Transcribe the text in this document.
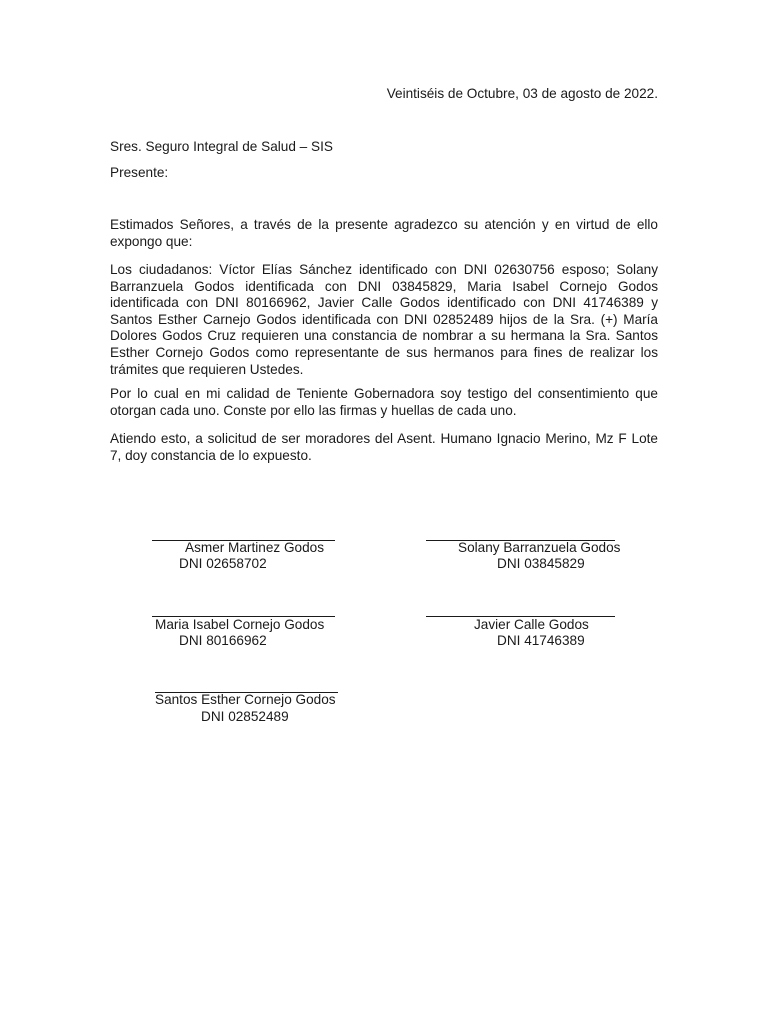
Veintiséis de Octubre, 03 de agosto de 2022.
Sres. Seguro Integral de Salud – SIS
Presente:
Estimados Señores, a través de la presente agradezco su atención y en virtud de ello expongo que:
Los ciudadanos: Víctor Elías Sánchez identificado con DNI 02630756 esposo; Solany Barranzuela Godos identificada con DNI 03845829, Maria Isabel Cornejo Godos identificada con DNI 80166962, Javier Calle Godos identificado con DNI 41746389 y Santos Esther Carnejo Godos identificada con DNI 02852489 hijos de la Sra. (+) María Dolores Godos Cruz requieren una constancia de nombrar a su hermana la Sra. Santos Esther Cornejo Godos como representante de sus hermanos para fines de realizar los trámites que requieren Ustedes.
Por lo cual en mi calidad de Teniente Gobernadora soy testigo del consentimiento que otorgan cada uno. Conste por ello las firmas y huellas de cada uno.
Atiendo esto, a solicitud de ser moradores del Asent. Humano Ignacio Merino, Mz F Lote 7, doy constancia de lo expuesto.
Asmer Martinez Godos
DNI 02658702
Solany Barranzuela Godos
DNI 03845829
Maria Isabel Cornejo Godos
DNI 80166962
Javier Calle Godos
DNI 41746389
Santos Esther Cornejo Godos
DNI 02852489
